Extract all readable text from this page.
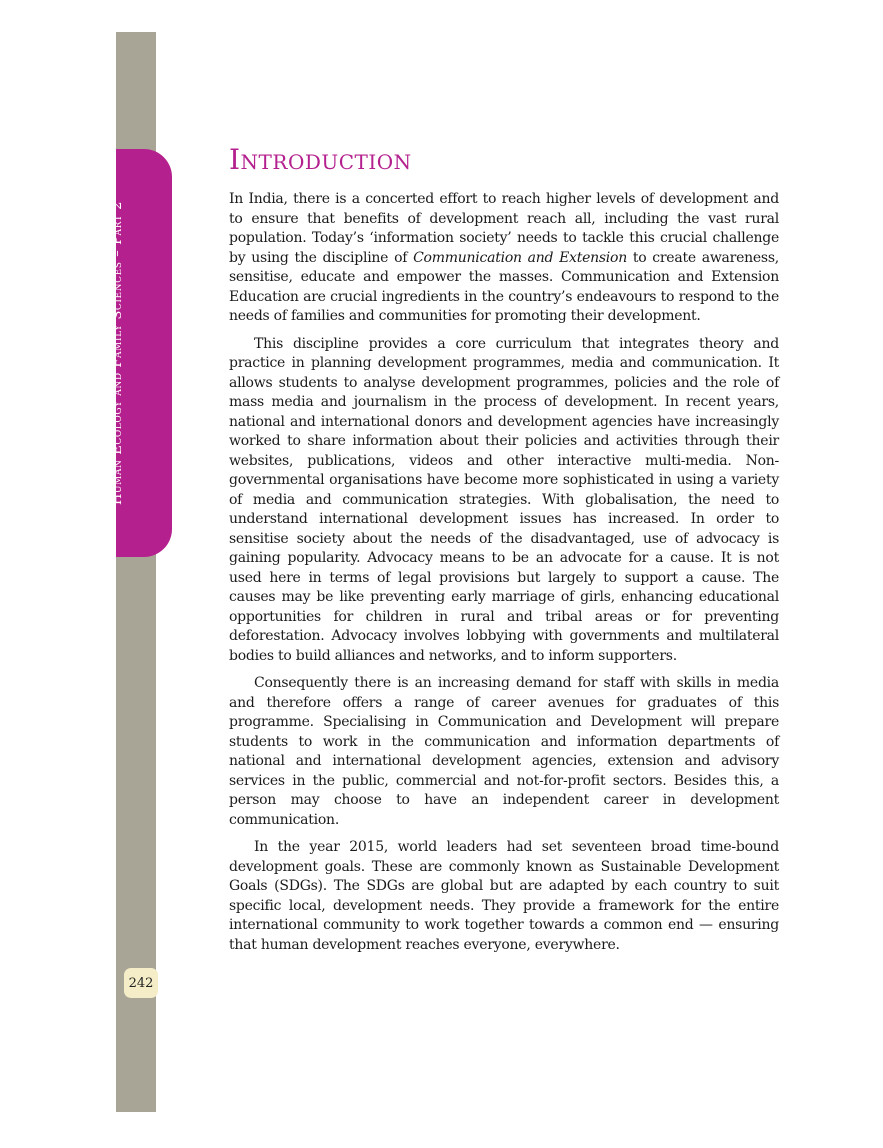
Human Ecology and Family Sciences – Part 2
242
Introduction

In India, there is a concerted effort to reach higher levels of development and to ensure that benefits of development reach all, including the vast rural population. Today’s ‘information society’ needs to tackle this crucial challenge by using the discipline of Communication and Extension to create awareness, sensitise, educate and empower the masses. Communication and Extension Education are crucial ingredients in the country’s endeavours to respond to the needs of families and communities for promoting their development.

This discipline provides a core curriculum that integrates theory and practice in planning development programmes, media and communication. It allows students to analyse development programmes, policies and the role of mass media and journalism in the process of development. In recent years, national and international donors and development agencies have increasingly worked to share information about their policies and activities through their websites, publications, videos and other interactive multi-media. Non-governmental organisations have become more sophisticated in using a variety of media and communication strategies. With globalisation, the need to understand international development issues has increased. In order to sensitise society about the needs of the disadvantaged, use of advocacy is gaining popularity. Advocacy means to be an advocate for a cause. It is not used here in terms of legal provisions but largely to support a cause. The causes may be like preventing early marriage of girls, enhancing educational opportunities for children in rural and tribal areas or for preventing deforestation. Advocacy involves lobbying with governments and multilateral bodies to build alliances and networks, and to inform supporters.

Consequently there is an increasing demand for staff with skills in media and therefore offers a range of career avenues for graduates of this programme. Specialising in Communication and Development will prepare students to work in the communication and information departments of national and international development agencies, extension and advisory services in the public, commercial and not-for-profit sectors. Besides this, a person may choose to have an independent career in development communication.

In the year 2015, world leaders had set seventeen broad time-bound development goals. These are commonly known as Sustainable Development Goals (SDGs). The SDGs are global but are adapted by each country to suit specific local, development needs. They provide a framework for the entire international community to work together towards a common end — ensuring that human development reaches everyone, everywhere.
